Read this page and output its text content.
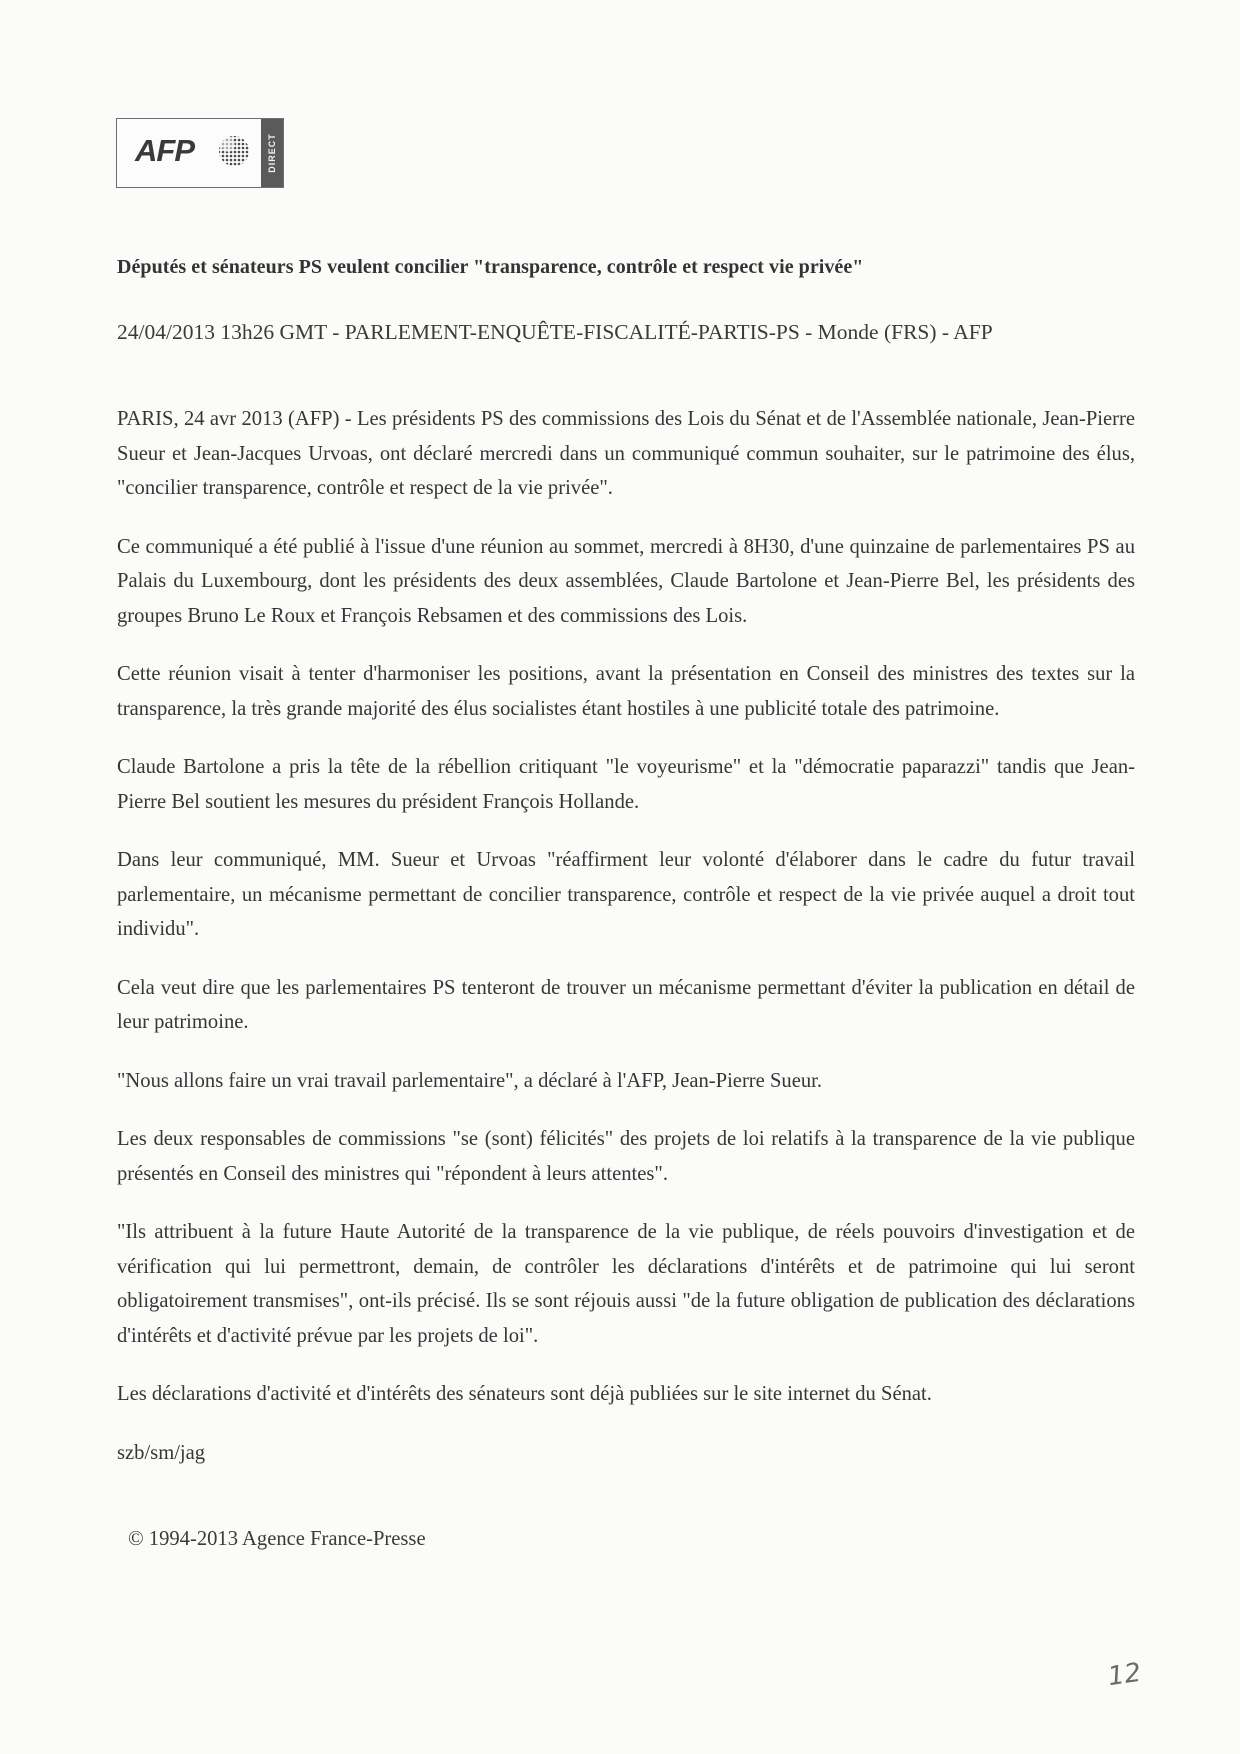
AFP	DIRECT
Députés et sénateurs PS veulent concilier "transparence, contrôle et respect vie privée"
24/04/2013 13h26 GMT - PARLEMENT-ENQUÊTE-FISCALITÉ-PARTIS-PS - Monde (FRS) - AFP

PARIS, 24 avr 2013 (AFP) - Les présidents PS des commissions des Lois du Sénat et de l'Assemblée nationale, Jean-Pierre Sueur et Jean-Jacques Urvoas, ont déclaré mercredi dans un communiqué commun souhaiter, sur le patrimoine des élus, "concilier transparence, contrôle et respect de la vie privée".

Ce communiqué a été publié à l'issue d'une réunion au sommet, mercredi à 8H30, d'une quinzaine de parlementaires PS au Palais du Luxembourg, dont les présidents des deux assemblées, Claude Bartolone et Jean-Pierre Bel, les présidents des groupes Bruno Le Roux et François Rebsamen et des commissions des Lois.

Cette réunion visait à tenter d'harmoniser les positions, avant la présentation en Conseil des ministres des textes sur la transparence, la très grande majorité des élus socialistes étant hostiles à une publicité totale des patrimoine.

Claude Bartolone a pris la tête de la rébellion critiquant "le voyeurisme" et la "démocratie paparazzi" tandis que Jean-Pierre Bel soutient les mesures du président François Hollande.

Dans leur communiqué, MM. Sueur et Urvoas "réaffirment leur volonté d'élaborer dans le cadre du futur travail parlementaire, un mécanisme permettant de concilier transparence, contrôle et respect de la vie privée auquel a droit tout individu".

Cela veut dire que les parlementaires PS tenteront de trouver un mécanisme permettant d'éviter la publication en détail de leur patrimoine.

"Nous allons faire un vrai travail parlementaire", a déclaré à l'AFP, Jean-Pierre Sueur.

Les deux responsables de commissions "se (sont) félicités" des projets de loi relatifs à la transparence de la vie publique présentés en Conseil des ministres qui "répondent à leurs attentes".

"Ils attribuent à la future Haute Autorité de la transparence de la vie publique, de réels pouvoirs d'investigation et de vérification qui lui permettront, demain, de contrôler les déclarations d'intérêts et de patrimoine qui lui seront obligatoirement transmises", ont-ils précisé. Ils se sont réjouis aussi "de la future obligation de publication des déclarations d'intérêts et d'activité prévue par les projets de loi".

Les déclarations d'activité et d'intérêts des sénateurs sont déjà publiées sur le site internet du Sénat.

szb/sm/jag

© 1994-2013 Agence France-Presse
12
